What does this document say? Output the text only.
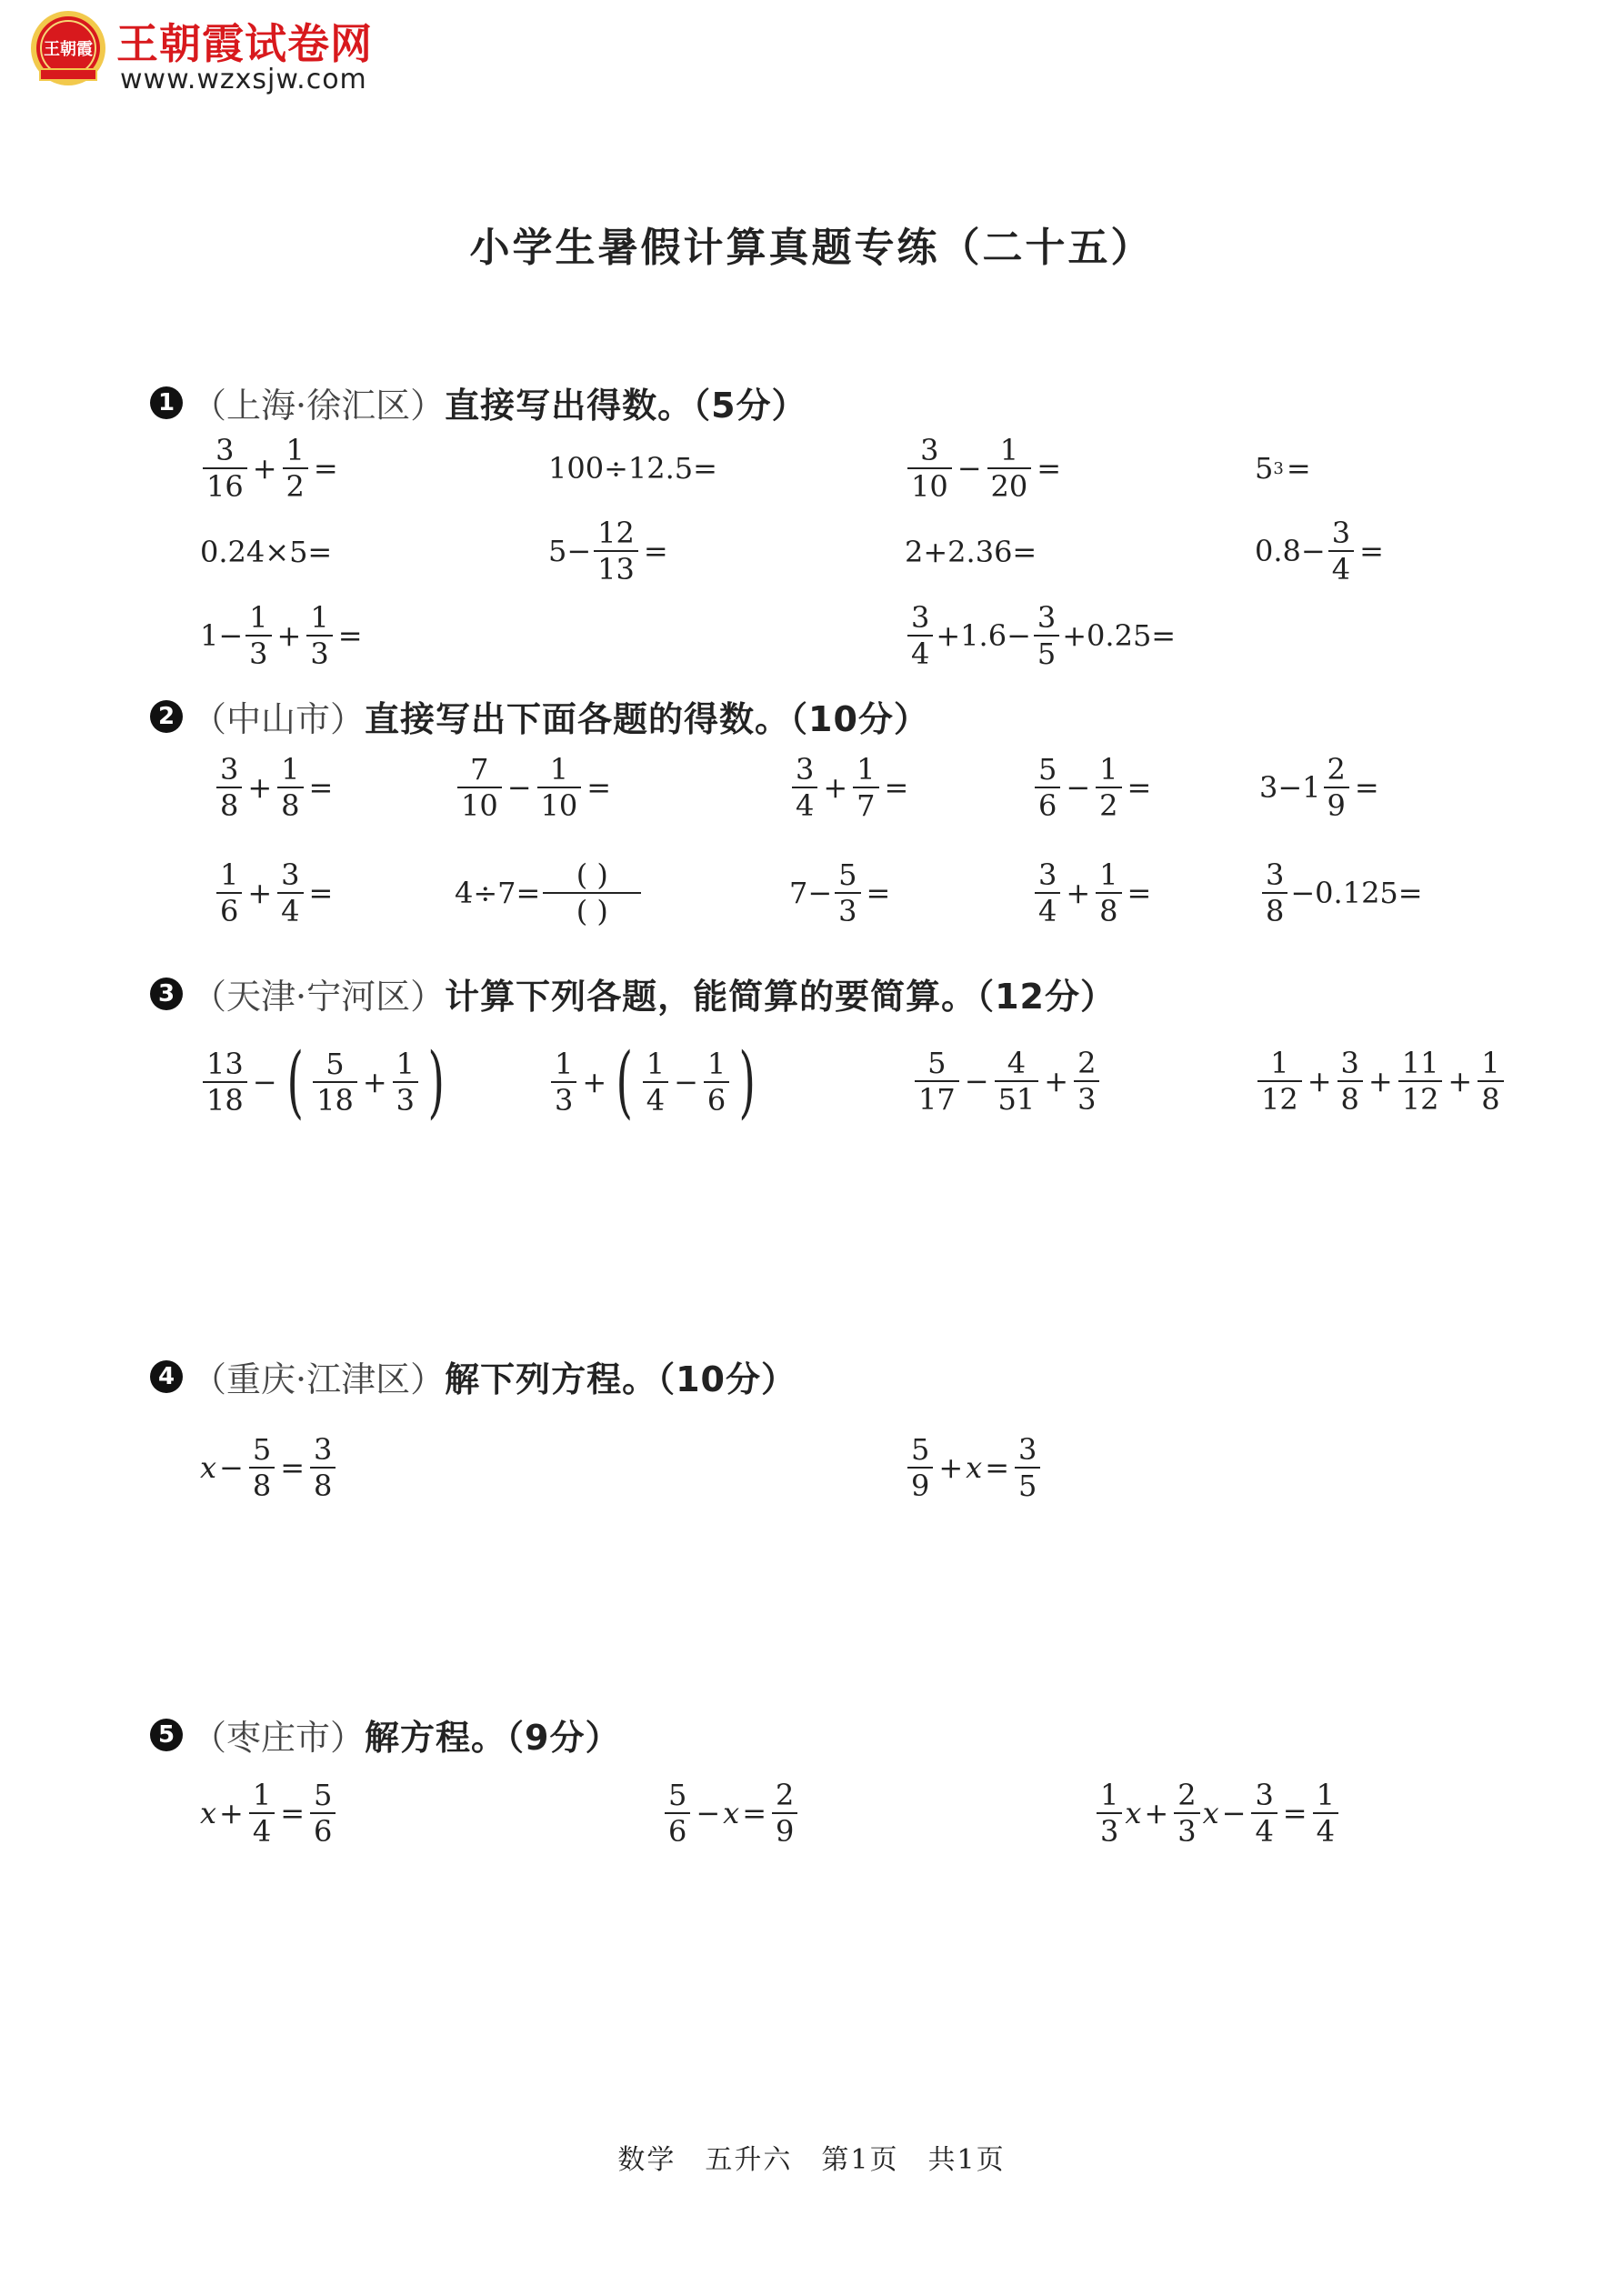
王朝霞 王朝霞试卷网
www.wzxsjw.com
小学生暑假计算真题专练（二十五）
1 （上海·徐汇区） 直接写出得数。（5分）
$\frac{3}{16} + \frac{1}{2}$ =	100÷12.5=	$\frac{3}{10} - \frac{1}{20}$ =	5 3 =
0.24×5=	$5- \frac{12}{13}$ =	2+2.36=	$0.8- \frac{3}{4}$ =
$1- \frac{1}{3} + \frac{1}{3}$ =	$\frac{3}{4} +1.6- \frac{3}{5} +0.25=$
2 （中山市） 直接写出下面各题的得数。（10分）
$\frac{3}{8} + \frac{1}{8}$ =	$\frac{7}{10} - \frac{1}{10}$ =	$\frac{3}{4} + \frac{1}{7}$ =	$\frac{5}{6} - \frac{1}{2}$ =	$3-1 \frac{2}{9}$ =
$\frac{1}{6} + \frac{3}{4}$ =	$4\div 7= \frac{( )}{( )}$	$7- \frac{5}{3}$ =	$\frac{3}{4} + \frac{1}{8}$ =	$\frac{3}{8} -0.125=$
3 （天津·宁河区） 计算下列各题，能简算的要简算。（12分）
$\frac{13}{18}$ − ( $\frac{5}{18} + \frac{1}{3}$ )	$\frac{1}{3}$ + ( $\frac{1}{4} - \frac{1}{6}$ )	$\frac{5}{17} - \frac{4}{51} + \frac{2}{3}$	$\frac{1}{12} + \frac{3}{8} + \frac{11}{12} + \frac{1}{8}$
4 （重庆·江津区） 解下列方程。（10分）
$x - \frac{5}{8} = \frac{3}{8}$	$\frac{5}{9} + x = \frac{3}{5}$
5 （枣庄市） 解方程。（9分）
$x + \frac{1}{4} = \frac{5}{6}$	$\frac{5}{6} - x = \frac{2}{9}$	$\frac{1}{3}$ $x + \frac{2}{3}$ $x - \frac{3}{4} = \frac{1}{4}$
数学　五升六　第1页　共1页
